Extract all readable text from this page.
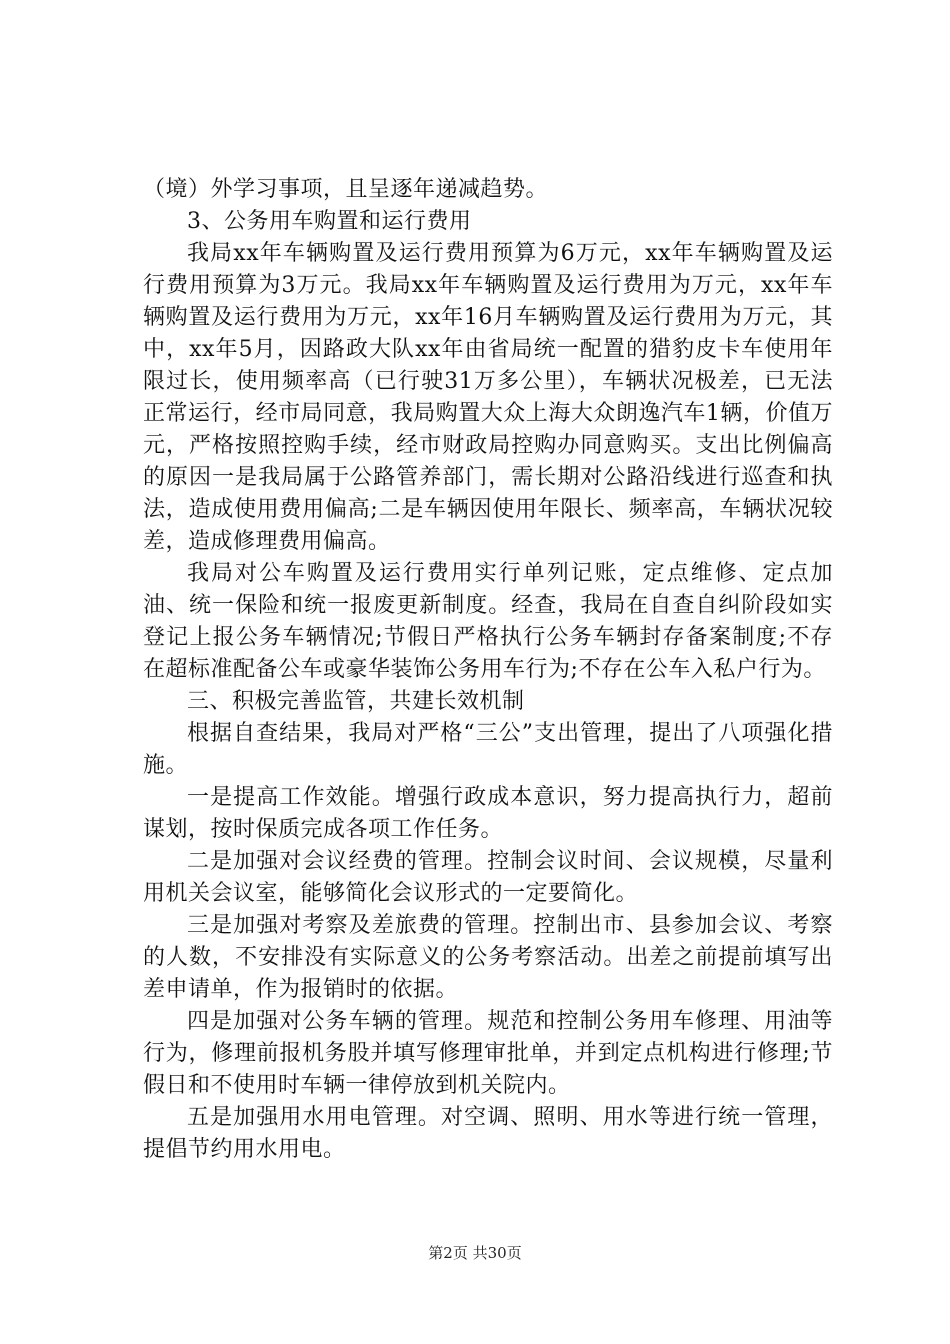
（境）外学习事项，且呈逐年递减趋势。

3、公务用车购置和运行费用

我局xx年车辆购置及运行费用预算为6万元，xx年车辆购置及运行费用预算为3万元。我局xx年车辆购置及运行费用为万元，xx年车辆购置及运行费用为万元，xx年16月车辆购置及运行费用为万元，其中，xx年5月，因路政大队xx年由省局统一配置的猎豹皮卡车使用年限过长，使用频率高（已行驶31万多公里），车辆状况极差，已无法正常运行，经市局同意，我局购置大众上海大众朗逸汽车1辆，价值万元，严格按照控购手续，经市财政局控购办同意购买。支出比例偏高的原因一是我局属于公路管养部门，需长期对公路沿线进行巡查和执法，造成使用费用偏高;二是车辆因使用年限长、频率高，车辆状况较差，造成修理费用偏高。

我局对公车购置及运行费用实行单列记账，定点维修、定点加油、统一保险和统一报废更新制度。经查，我局在自查自纠阶段如实登记上报公务车辆情况;节假日严格执行公务车辆封存备案制度;不存在超标准配备公车或豪华装饰公务用车行为;不存在公车入私户行为。

三、积极完善监管，共建长效机制

根据自查结果，我局对严格“三公”支出管理，提出了八项强化措施。

一是提高工作效能。增强行政成本意识，努力提高执行力，超前谋划，按时保质完成各项工作任务。

二是加强对会议经费的管理。控制会议时间、会议规模，尽量利用机关会议室，能够简化会议形式的一定要简化。

三是加强对考察及差旅费的管理。控制出市、县参加会议、考察的人数，不安排没有实际意义的公务考察活动。出差之前提前填写出差申请单，作为报销时的依据。

四是加强对公务车辆的管理。规范和控制公务用车修理、用油等行为，修理前报机务股并填写修理审批单，并到定点机构进行修理;节假日和不使用时车辆一律停放到机关院内。

五是加强用水用电管理。对空调、照明、用水等进行统一管理，提倡节约用水用电。

第2页 共30页
